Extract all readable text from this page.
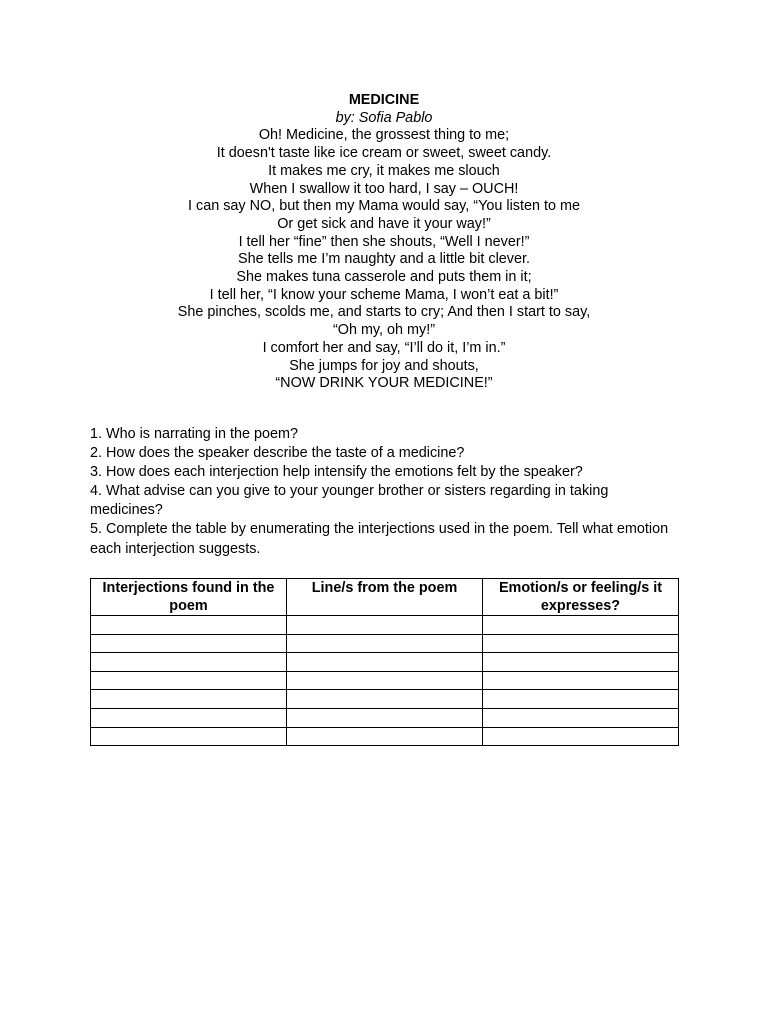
MEDICINE
by: Sofia Pablo
Oh! Medicine, the grossest thing to me;
It doesn't taste like ice cream or sweet, sweet candy.
It makes me cry, it makes me slouch
When I swallow it too hard, I say – OUCH!
I can say NO, but then my Mama would say, “You listen to me
Or get sick and have it your way!”
I tell her “fine” then she shouts, “Well I never!”
She tells me I’m naughty and a little bit clever.
She makes tuna casserole and puts them in it;
I tell her, “I know your scheme Mama, I won’t eat a bit!”
She pinches, scolds me, and starts to cry; And then I start to say,
“Oh my, oh my!”
I comfort her and say, “I’ll do it, I’m in.”
She jumps for joy and shouts,
“NOW DRINK YOUR MEDICINE!”
1. Who is narrating in the poem?
2. How does the speaker describe the taste of a medicine?
3. How does each interjection help intensify the emotions felt by the speaker?
4. What advise can you give to your younger brother or sisters regarding in taking medicines?
5. Complete the table by enumerating the interjections used in the poem. Tell what emotion each interjection suggests.
Interjections found in the poem	Line/s from the poem	Emotion/s or feeling/s it expresses?
